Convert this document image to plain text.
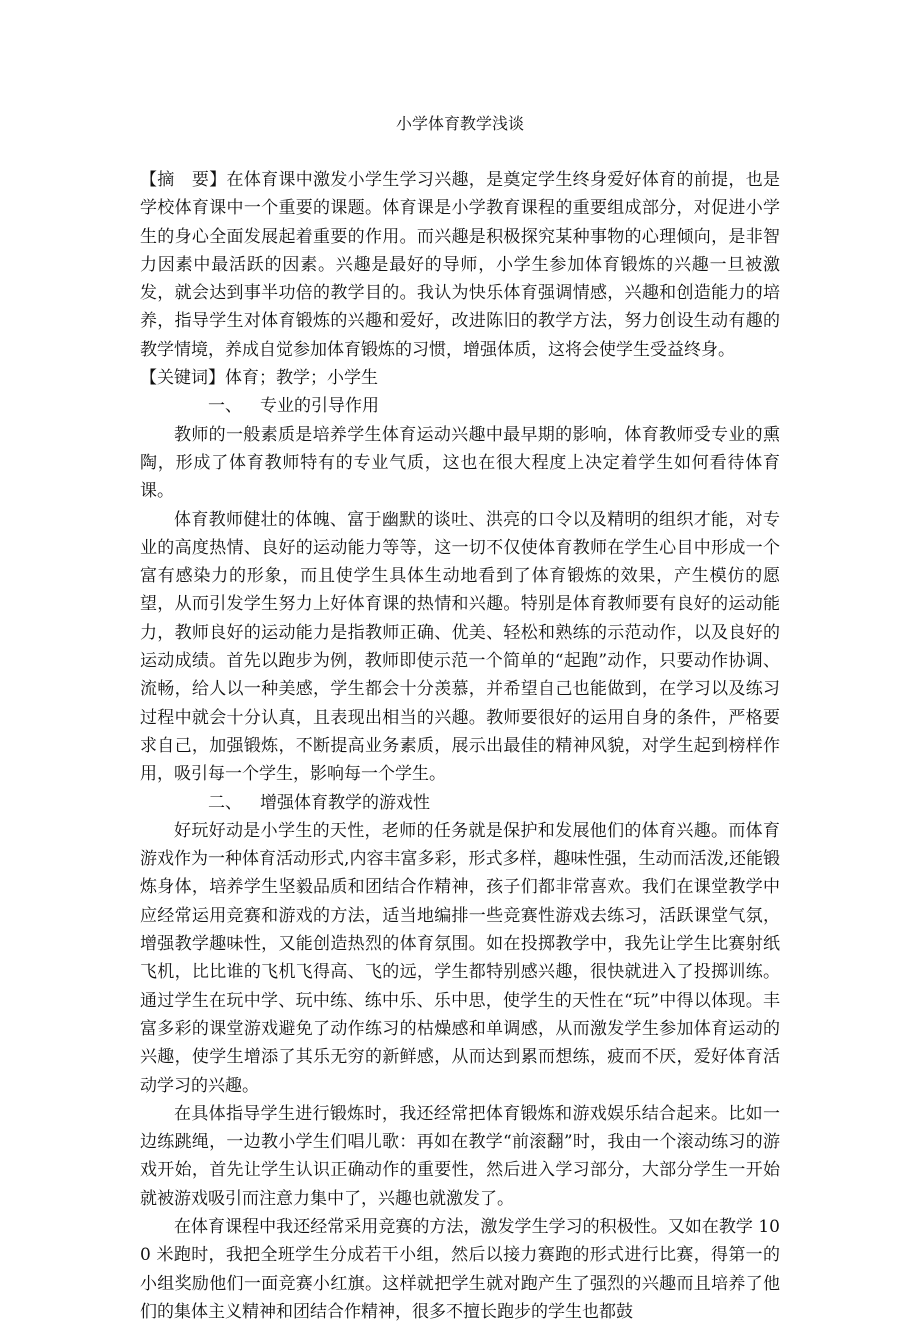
小学体育教学浅谈

【摘　要】在体育课中激发小学生学习兴趣，是奠定学生终身爱好体育的前提，也是学校体育课中一个重要的课题。体育课是小学教育课程的重要组成部分，对促进小学生的身心全面发展起着重要的作用。而兴趣是积极探究某种事物的心理倾向，是非智力因素中最活跃的因素。兴趣是最好的导师，小学生参加体育锻炼的兴趣一旦被激发，就会达到事半功倍的教学目的。我认为快乐体育强调情感，兴趣和创造能力的培养，指导学生对体育锻炼的兴趣和爱好，改进陈旧的教学方法，努力创设生动有趣的教学情境，养成自觉参加体育锻炼的习惯，增强体质，这将会使学生受益终身。

【关键词】体育；教学；小学生

一、 专业的引导作用

教师的一般素质是培养学生体育运动兴趣中最早期的影响，体育教师受专业的熏陶，形成了体育教师特有的专业气质，这也在很大程度上决定着学生如何看待体育课。

体育教师健壮的体魄、富于幽默的谈吐、洪亮的口令以及精明的组织才能，对专业的高度热情、良好的运动能力等等，这一切不仅使体育教师在学生心目中形成一个富有感染力的形象，而且使学生具体生动地看到了体育锻炼的效果，产生模仿的愿望，从而引发学生努力上好体育课的热情和兴趣。特别是体育教师要有良好的运动能力，教师良好的运动能力是指教师正确、优美、轻松和熟练的示范动作，以及良好的运动成绩。首先以跑步为例，教师即使示范一个简单的“起跑”动作，只要动作协调、流畅，给人以一种美感，学生都会十分羡慕，并希望自己也能做到，在学习以及练习过程中就会十分认真，且表现出相当的兴趣。教师要很好的运用自身的条件，严格要求自己，加强锻炼，不断提高业务素质，展示出最佳的精神风貌，对学生起到榜样作用，吸引每一个学生，影响每一个学生。

二、 增强体育教学的游戏性

好玩好动是小学生的天性，老师的任务就是保护和发展他们的体育兴趣。而体育游戏作为一种体育活动形式,内容丰富多彩，形式多样，趣味性强，生动而活泼,还能锻炼身体，培养学生坚毅品质和团结合作精神，孩子们都非常喜欢。我们在课堂教学中应经常运用竞赛和游戏的方法，适当地编排一些竞赛性游戏去练习，活跃课堂气氛，增强教学趣味性，又能创造热烈的体育氛围。如在投掷教学中，我先让学生比赛射纸飞机，比比谁的飞机飞得高、飞的远，学生都特别感兴趣，很快就进入了投掷训练。通过学生在玩中学、玩中练、练中乐、乐中思，使学生的天性在“玩”中得以体现。丰富多彩的课堂游戏避免了动作练习的枯燥感和单调感，从而激发学生参加体育运动的兴趣，使学生增添了其乐无穷的新鲜感，从而达到累而想练，疲而不厌，爱好体育活动学习的兴趣。

在具体指导学生进行锻炼时，我还经常把体育锻炼和游戏娱乐结合起来。比如一边练跳绳，一边教小学生们唱儿歌：再如在教学“前滚翻”时，我由一个滚动练习的游戏开始，首先让学生认识正确动作的重要性，然后进入学习部分，大部分学生一开始就被游戏吸引而注意力集中了，兴趣也就激发了。

在体育课程中我还经常采用竞赛的方法，激发学生学习的积极性。又如在教学 100 米跑时，我把全班学生分成若干小组，然后以接力赛跑的形式进行比赛，得第一的小组奖励他们一面竞赛小红旗。这样就把学生就对跑产生了强烈的兴趣而且培养了他们的集体主义精神和团结合作精神，很多不擅长跑步的学生也都鼓
